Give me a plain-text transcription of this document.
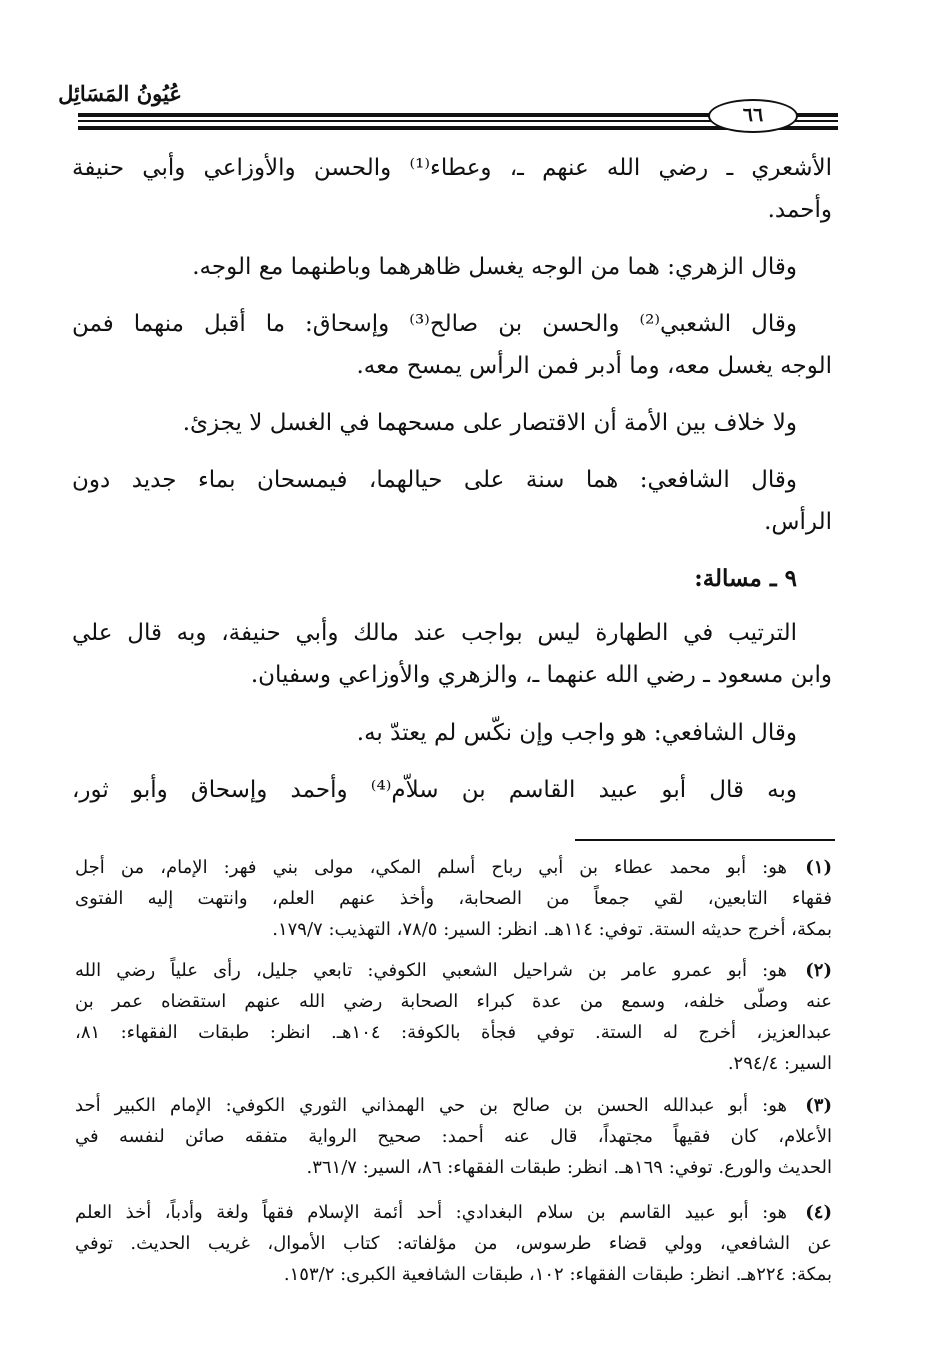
عُيُونُ المَسَائِل
٦٦
الأشعري ـ رضي الله عنهم ـ، وعطاء⁽¹⁾ والحسن والأوزاعي وأبي حنيفة
وأحمد.
وقال الزهري: هما من الوجه يغسل ظاهرهما وباطنهما مع الوجه.
وقال الشعبي⁽²⁾ والحسن بن صالح⁽³⁾ وإسحاق: ما أقبل منهما فمن
الوجه يغسل معه، وما أدبر فمن الرأس يمسح معه.
ولا خلاف بين الأمة أن الاقتصار على مسحهما في الغسل لا يجزئ.
وقال الشافعي: هما سنة على حيالهما، فيمسحان بماء جديد دون
الرأس.
٩ ـ مسالة:
الترتيب في الطهارة ليس بواجب عند مالك وأبي حنيفة، وبه قال علي
وابن مسعود ـ رضي الله عنهما ـ، والزهري والأوزاعي وسفيان.
وقال الشافعي: هو واجب وإن نكّس لم يعتدّ به.
وبه قال أبو عبيد القاسم بن سلاّم⁽⁴⁾ وأحمد وإسحاق وأبو ثور،
(١)
هو: أبو محمد عطاء بن أبي رباح أسلم المكي، مولى بني فهر: الإمام، من أجل
فقهاء التابعين، لقي جمعاً من الصحابة، وأخذ عنهم العلم، وانتهت إليه الفتوى
بمكة، أخرج حديثه الستة. توفي: ١١٤هـ. انظر: السير: ٧٨/٥، التهذيب: ١٧٩/٧.
(٢)
هو: أبو عمرو عامر بن شراحيل الشعبي الكوفي: تابعي جليل، رأى علياً رضي الله
عنه وصلّى خلفه، وسمع من عدة كبراء الصحابة رضي الله عنهم استقضاه عمر بن
عبدالعزيز، أخرج له الستة. توفي فجأة بالكوفة: ١٠٤هـ. انظر: طبقات الفقهاء: ٨١،
السير: ٢٩٤/٤.
(٣)
هو: أبو عبدالله الحسن بن صالح بن حي الهمذاني الثوري الكوفي: الإمام الكبير أحد
الأعلام، كان فقيهاً مجتهداً، قال عنه أحمد: صحيح الرواية متفقه صائن لنفسه في
الحديث والورع. توفي: ١٦٩هـ. انظر: طبقات الفقهاء: ٨٦، السير: ٣٦١/٧.
(٤)
هو: أبو عبيد القاسم بن سلام البغدادي: أحد أئمة الإسلام فقهاً ولغة وأدباً، أخذ العلم
عن الشافعي، وولي قضاء طرسوس، من مؤلفاته: كتاب الأموال، غريب الحديث. توفي
بمكة: ٢٢٤هـ. انظر: طبقات الفقهاء: ١٠٢، طبقات الشافعية الكبرى: ١٥٣/٢.
